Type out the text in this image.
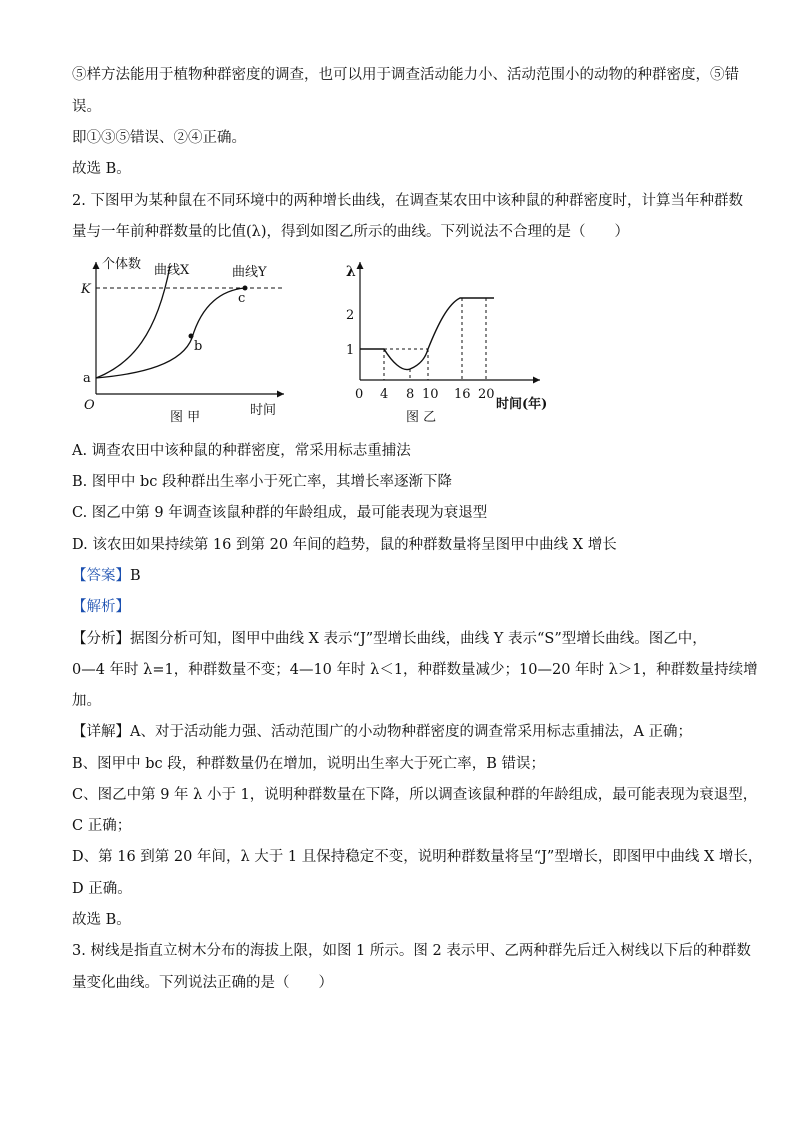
⑤样方法能用于植物种群密度的调查，也可以用于调查活动能力小、活动范围小的动物的种群密度，⑤错
误。
即①③⑤错误、②④正确。
故选 B。
2. 下图甲为某种鼠在不同环境中的两种增长曲线，在调查某农田中该种鼠的种群密度时，计算当年种群数
量与一年前种群数量的比值(λ)，得到如图乙所示的曲线。下列说法不合理的是（　　）
个体数 曲线X	曲线Y
K
O
a
b
c
图 甲	时间
λ
1
2
0 4 8 10 16 20
时间(年)
图 乙
A. 调查农田中该种鼠的种群密度，常采用标志重捕法
B. 图甲中 bc 段种群出生率小于死亡率，其增长率逐渐下降
C. 图乙中第 9 年调查该鼠种群的年龄组成，最可能表现为衰退型
D. 该农田如果持续第 16 到第 20 年间的趋势，鼠的种群数量将呈图甲中曲线 X 增长
【答案】B
【解析】
【分析】据图分析可知，图甲中曲线 X 表示“J”型增长曲线，曲线 Y 表示“S”型增长曲线。图乙中，
0—4 年时 λ=1，种群数量不变；4—10 年时 λ＜1，种群数量减少；10—20 年时 λ＞1，种群数量持续增
加。
【详解】A、对于活动能力强、活动范围广的小动物种群密度的调查常采用标志重捕法，A 正确；
B、图甲中 bc 段，种群数量仍在增加，说明出生率大于死亡率，B 错误；
C、图乙中第 9 年 λ 小于 1，说明种群数量在下降，所以调查该鼠种群的年龄组成，最可能表现为衰退型，
C 正确；
D、第 16 到第 20 年间，λ 大于 1 且保持稳定不变，说明种群数量将呈“J”型增长，即图甲中曲线 X 增长，
D 正确。
故选 B。
3. 树线是指直立树木分布的海拔上限，如图 1 所示。图 2 表示甲、乙两种群先后迁入树线以下后的种群数
量变化曲线。下列说法正确的是（　　）
